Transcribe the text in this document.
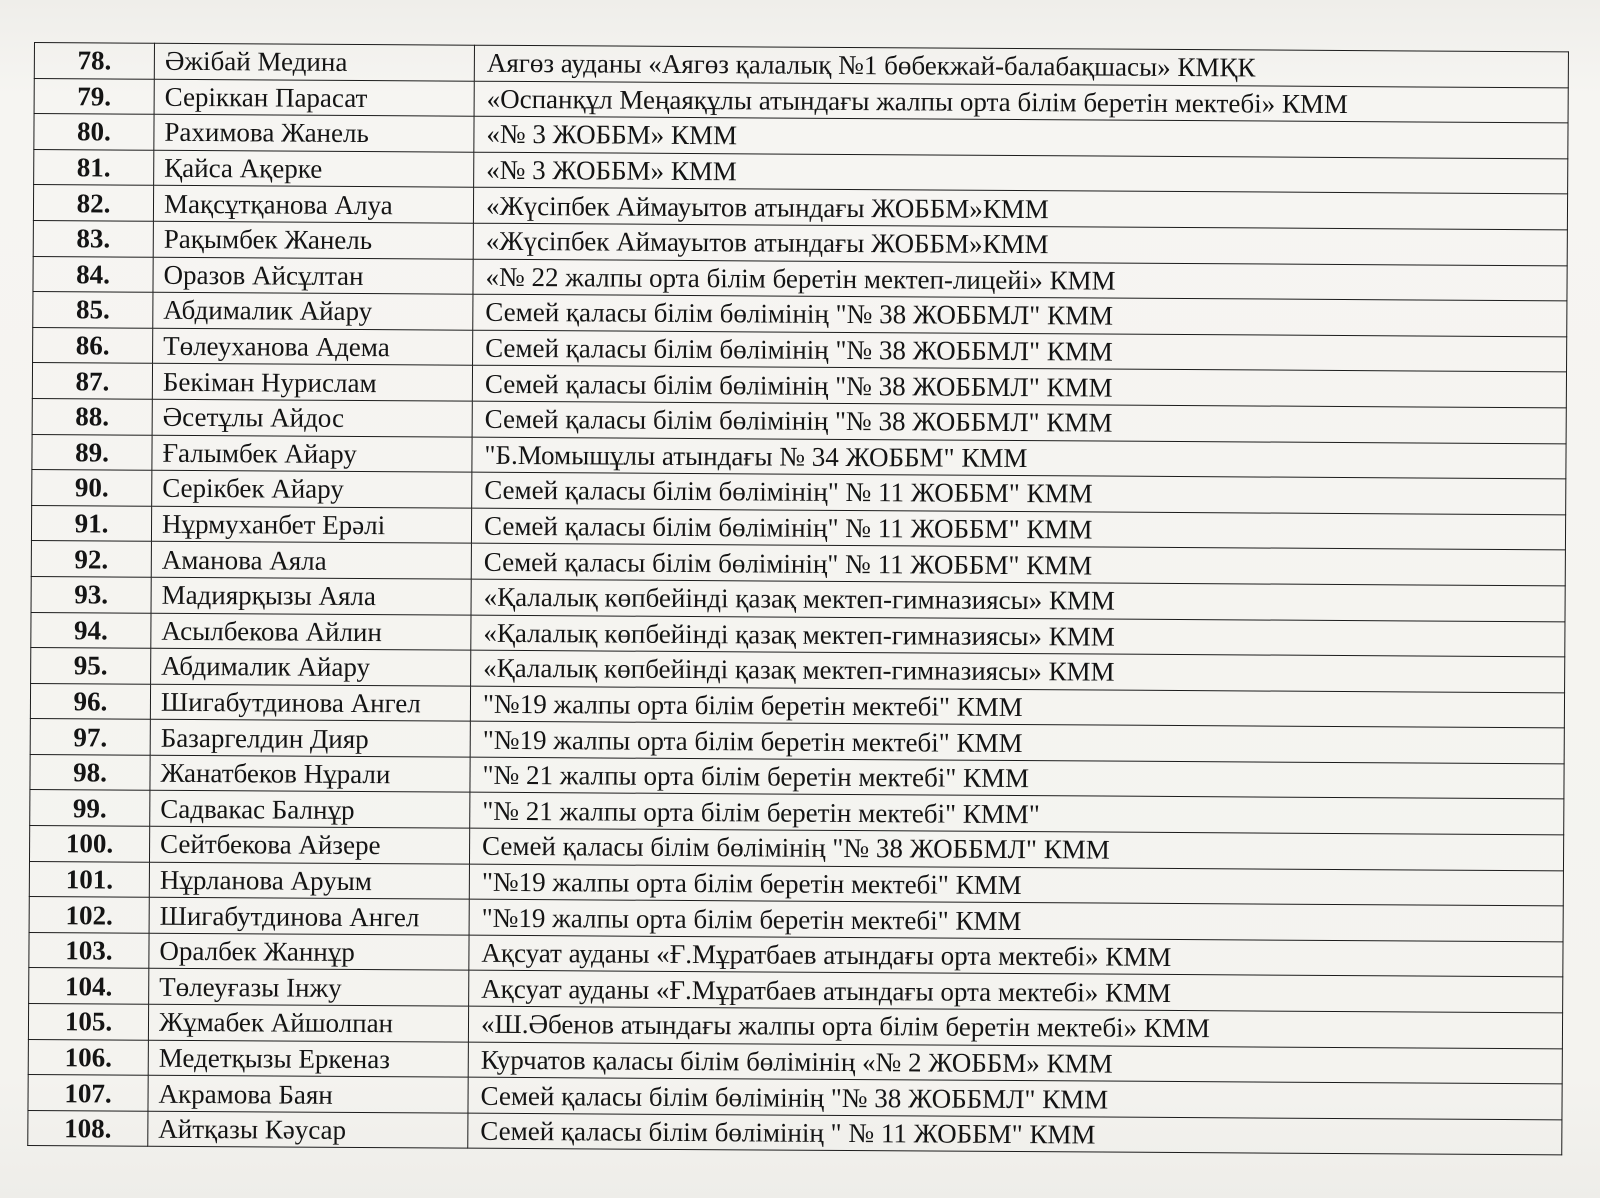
78.	Әжібай Медина	Аягөз ауданы «Аягөз қалалық №1 бөбекжай-балабақшасы» КМҚК
79.	Серіккан Парасат	«Оспанқұл Меңаяқұлы атындағы жалпы орта білім беретін мектебі» КММ
80.	Рахимова Жанель	«№ 3 ЖОББМ» КММ
81.	Қайса Ақерке	«№ 3 ЖОББМ» КММ
82.	Мақсұтқанова Алуа	«Жүсіпбек Аймауытов атындағы ЖОББМ»КММ
83.	Рақымбек Жанель	«Жүсіпбек Аймауытов атындағы ЖОББМ»КММ
84.	Оразов Айсұлтан	«№ 22 жалпы орта білім беретін мектеп-лицейі» КММ
85.	Абдималик Айару	Семей қаласы білім бөлімінің "№ 38 ЖОББМЛ" КММ
86.	Төлеуханова Адема	Семей қаласы білім бөлімінің "№ 38 ЖОББМЛ" КММ
87.	Бекіман Нурислам	Семей қаласы білім бөлімінің "№ 38 ЖОББМЛ" КММ
88.	Әсетұлы Айдос	Семей қаласы білім бөлімінің "№ 38 ЖОББМЛ" КММ
89.	Ғалымбек Айару	"Б.Момышұлы атындағы № 34 ЖОББМ" КММ
90.	Серікбек Айару	Семей қаласы білім бөлімінің" № 11 ЖОББМ" КММ
91.	Нұрмуханбет Ерәлі	Семей қаласы білім бөлімінің" № 11 ЖОББМ" КММ
92.	Аманова Аяла	Семей қаласы білім бөлімінің" № 11 ЖОББМ" КММ
93.	Мадиярқызы Аяла	«Қалалық көпбейінді қазақ мектеп-гимназиясы» КММ
94.	Асылбекова Айлин	«Қалалық көпбейінді қазақ мектеп-гимназиясы» КММ
95.	Абдималик Айару	«Қалалық көпбейінді қазақ мектеп-гимназиясы» КММ
96.	Шигабутдинова Ангел	"№19 жалпы орта білім беретін мектебі" КММ
97.	Базаргелдин Дияр	"№19 жалпы орта білім беретін мектебі" КММ
98.	Жанатбеков Нұрали	"№ 21 жалпы орта білім беретін мектебі" КММ
99.	Садвакас Балнұр	"№ 21 жалпы орта білім беретін мектебі" КММ"
100.	Сейтбекова Айзере	Семей қаласы білім бөлімінің "№ 38 ЖОББМЛ" КММ
101.	Нұрланова Аруым	"№19 жалпы орта білім беретін мектебі" КММ
102.	Шигабутдинова Ангел	"№19 жалпы орта білім беретін мектебі" КММ
103.	Оралбек Жаннұр	Ақсуат ауданы «Ғ.Мұратбаев атындағы орта мектебі» КММ
104.	Төлеуғазы Інжу	Ақсуат ауданы «Ғ.Мұратбаев атындағы орта мектебі» КММ
105.	Жұмабек Айшолпан	«Ш.Әбенов атындағы жалпы орта білім беретін мектебі» КММ
106.	Медетқызы Еркеназ	Курчатов қаласы білім бөлімінің «№ 2 ЖОББМ» КММ
107.	Акрамова Баян	Семей қаласы білім бөлімінің "№ 38 ЖОББМЛ" КММ
108.	Айтқазы Кәусар	Семей қаласы білім бөлімінің " № 11 ЖОББМ" КММ
